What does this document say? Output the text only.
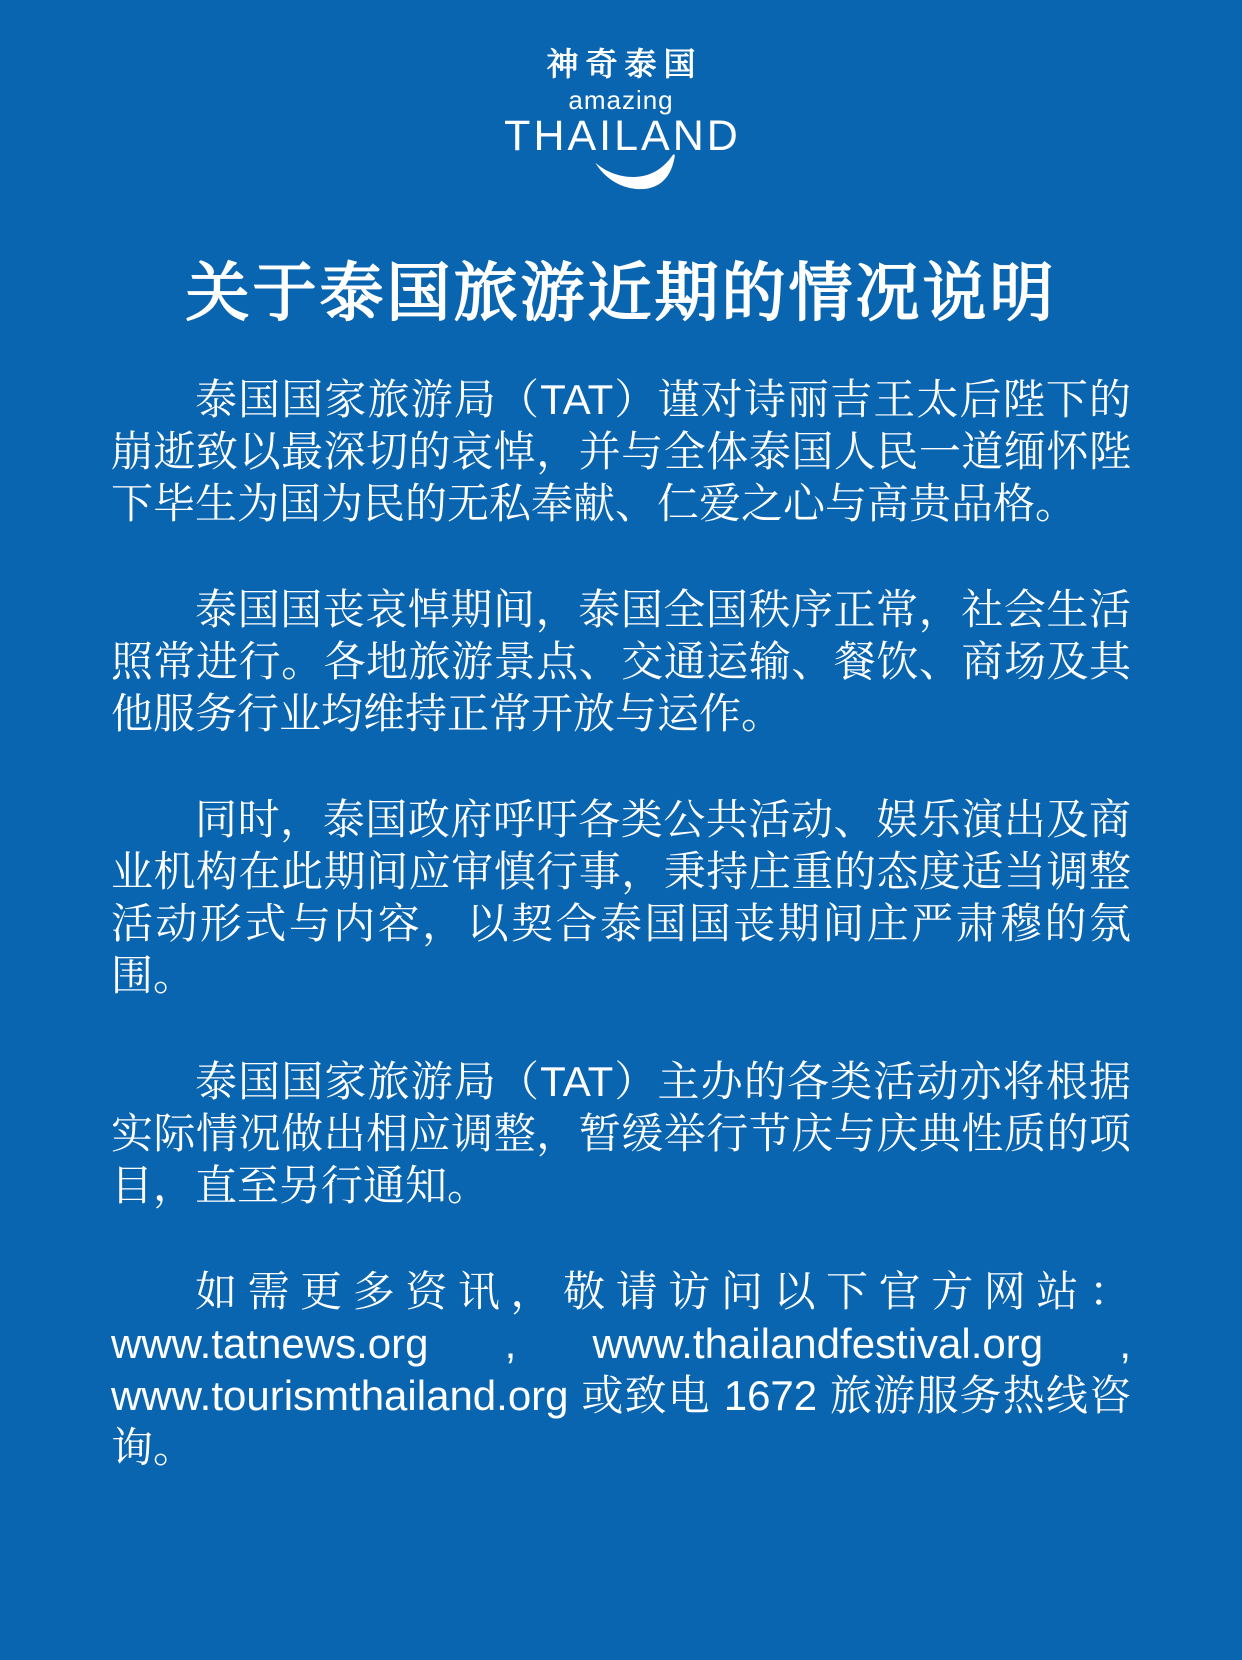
神奇泰国
amazing
THAILAND
关于泰国旅游近期的情况说明

泰国国家旅游局（TAT）谨对诗丽吉王太后陛下的崩逝致以最深切的哀悼，并与全体泰国人民一道缅怀陛下毕生为国为民的无私奉献、仁爱之心与高贵品格。

泰国国丧哀悼期间，泰国全国秩序正常，社会生活照常进行。各地旅游景点、交通运输、餐饮、商场及其他服务行业均维持正常开放与运作。

同时，泰国政府呼吁各类公共活动、娱乐演出及商业机构在此期间应审慎行事，秉持庄重的态度适当调整活动形式与内容，以契合泰国国丧期间庄严肃穆的氛围。

泰国国家旅游局（TAT）主办的各类活动亦将根据实际情况做出相应调整，暂缓举行节庆与庆典性质的项目，直至另行通知。

如需更多资讯，敬请访问以下官方网站：www.tatnews.org , www.thailandfestival.org , www.tourismthailand.org 或致电 1672 旅游服务热线咨询。
